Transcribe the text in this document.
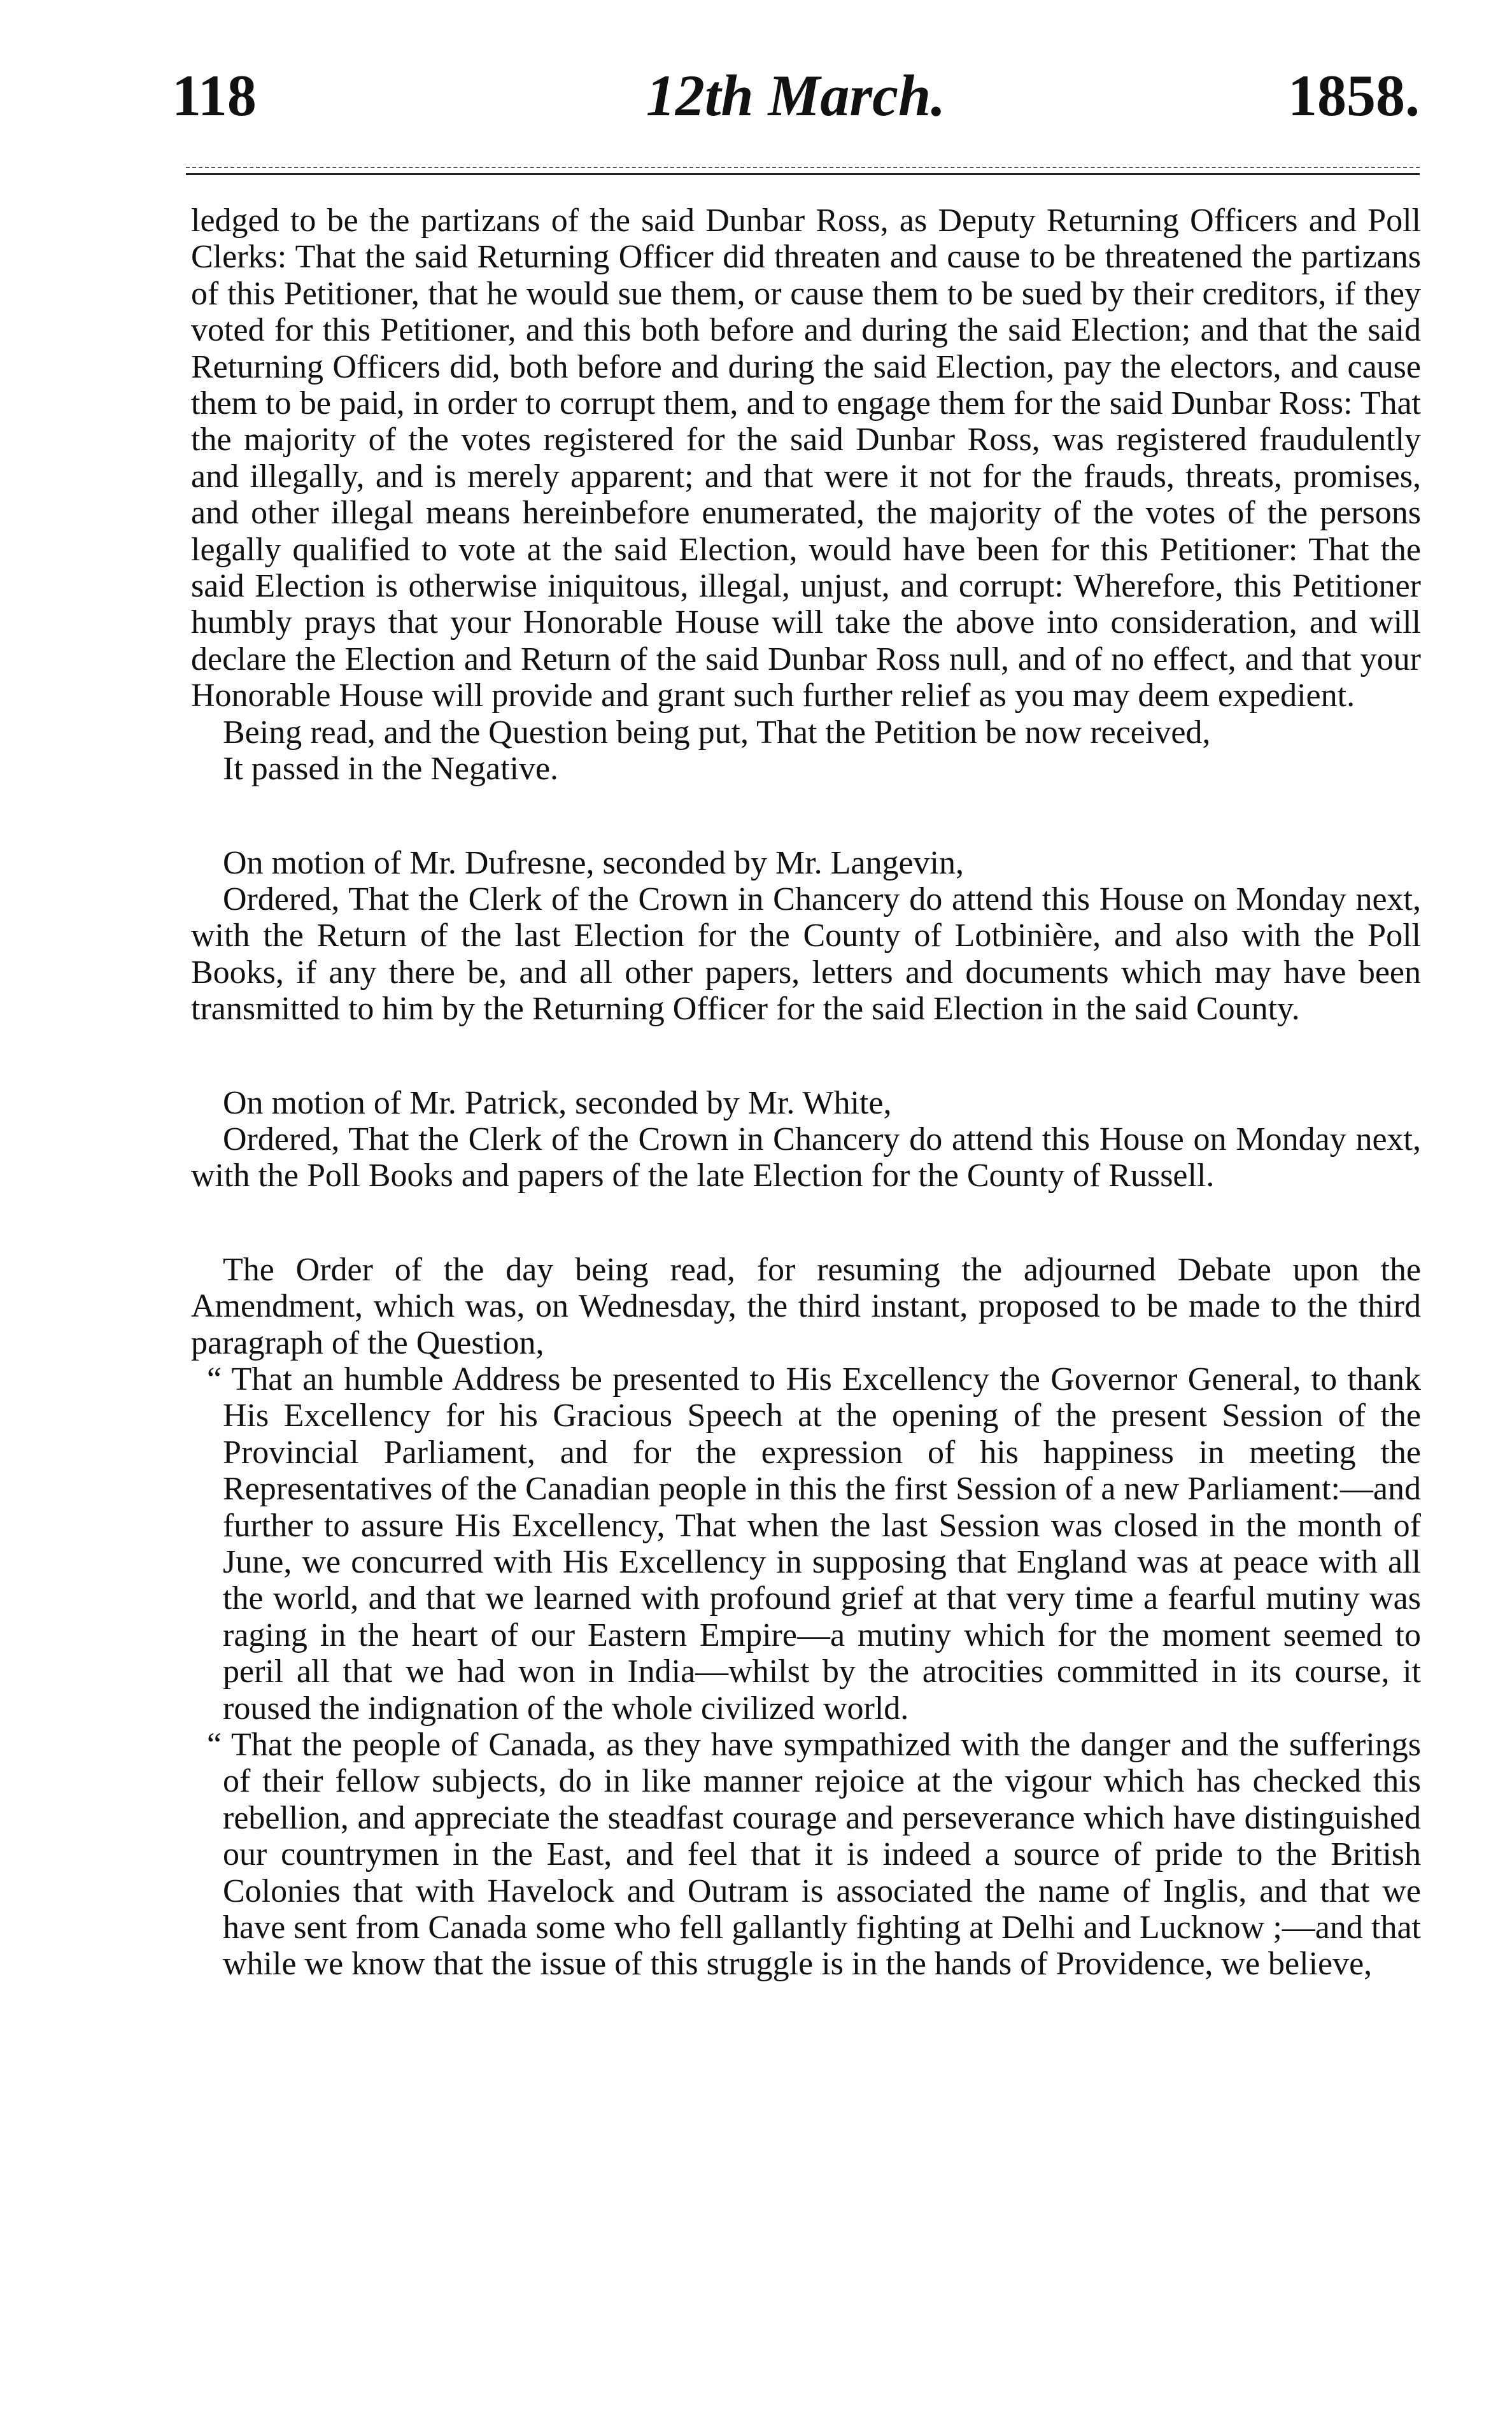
118	12th March.	1858.

ledged to be the partizans of the said Dunbar Ross, as Deputy Returning Officers and Poll Clerks: That the said Returning Officer did threaten and cause to be threatened the partizans of this Petitioner, that he would sue them, or cause them to be sued by their creditors, if they voted for this Petitioner, and this both before and during the said Election; and that the said Returning Officers did, both before and during the said Election, pay the electors, and cause them to be paid, in order to corrupt them, and to engage them for the said Dunbar Ross: That the majority of the votes registered for the said Dunbar Ross, was registered fraudulently and illegally, and is merely apparent; and that were it not for the frauds, threats, promises, and other illegal means hereinbefore enumerated, the majority of the votes of the persons legally qualified to vote at the said Election, would have been for this Petitioner: That the said Election is otherwise iniquitous, illegal, unjust, and corrupt: Wherefore, this Petitioner humbly prays that your Honorable House will take the above into consideration, and will declare the Election and Return of the said Dunbar Ross null, and of no effect, and that your Honorable House will provide and grant such further relief as you may deem expedient.

Being read, and the Question being put, That the Petition be now received,

It passed in the Negative.

On motion of Mr. Dufresne, seconded by Mr. Langevin,

Ordered, That the Clerk of the Crown in Chancery do attend this House on Monday next, with the Return of the last Election for the County of Lotbinière, and also with the Poll Books, if any there be, and all other papers, letters and documents which may have been transmitted to him by the Returning Officer for the said Election in the said County.

On motion of Mr. Patrick, seconded by Mr. White,

Ordered, That the Clerk of the Crown in Chancery do attend this House on Monday next, with the Poll Books and papers of the late Election for the County of Russell.

The Order of the day being read, for resuming the adjourned Debate upon the Amendment, which was, on Wednesday, the third instant, proposed to be made to the third paragraph of the Question,

“ That an humble Address be presented to His Excellency the Governor General, to thank His Excellency for his Gracious Speech at the opening of the present Session of the Provincial Parliament, and for the expression of his happiness in meeting the Representatives of the Canadian people in this the first Session of a new Parliament:—and further to assure His Excellency, That when the last Session was closed in the month of June, we concurred with His Excellency in supposing that England was at peace with all the world, and that we learned with profound grief at that very time a fearful mutiny was raging in the heart of our Eastern Empire—a mutiny which for the moment seemed to peril all that we had won in India—whilst by the atrocities committed in its course, it roused the indignation of the whole civilized world.

“ That the people of Canada, as they have sympathized with the danger and the sufferings of their fellow subjects, do in like manner rejoice at the vigour which has checked this rebellion, and appreciate the steadfast courage and perseverance which have distinguished our countrymen in the East, and feel that it is indeed a source of pride to the British Colonies that with Havelock and Outram is associated the name of Inglis, and that we have sent from Canada some who fell gallantly fighting at Delhi and Lucknow ;—and that while we know that the issue of this struggle is in the hands of Providence, we believe,
